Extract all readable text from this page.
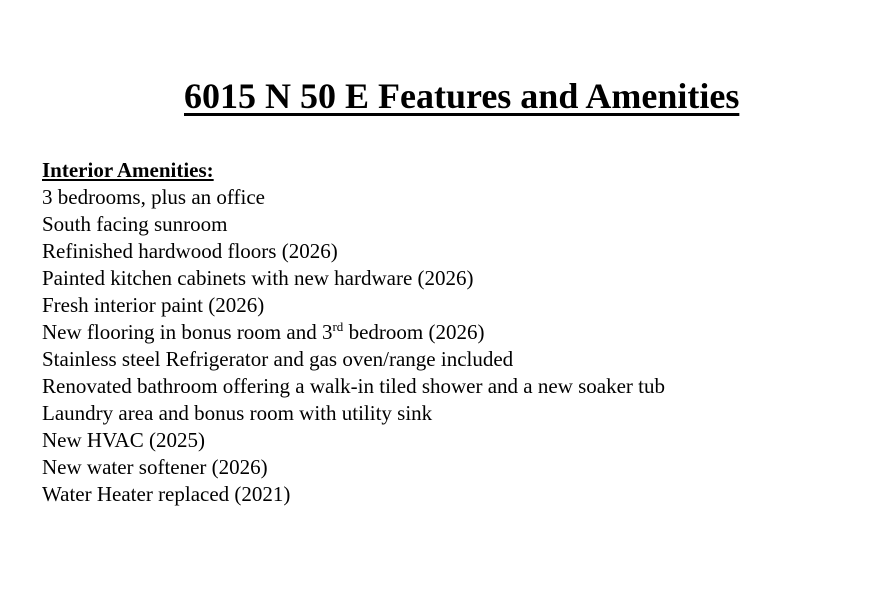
6015 N 50 E Features and Amenities
Interior Amenities:
3 bedrooms, plus an office
South facing sunroom
Refinished hardwood floors (2026)
Painted kitchen cabinets with new hardware (2026)
Fresh interior paint (2026)
New flooring in bonus room and 3rd bedroom (2026)
Stainless steel Refrigerator and gas oven/range included
Renovated bathroom offering a walk-in tiled shower and a new soaker tub
Laundry area and bonus room with utility sink
New HVAC (2025)
New water softener (2026)
Water Heater replaced (2021)
